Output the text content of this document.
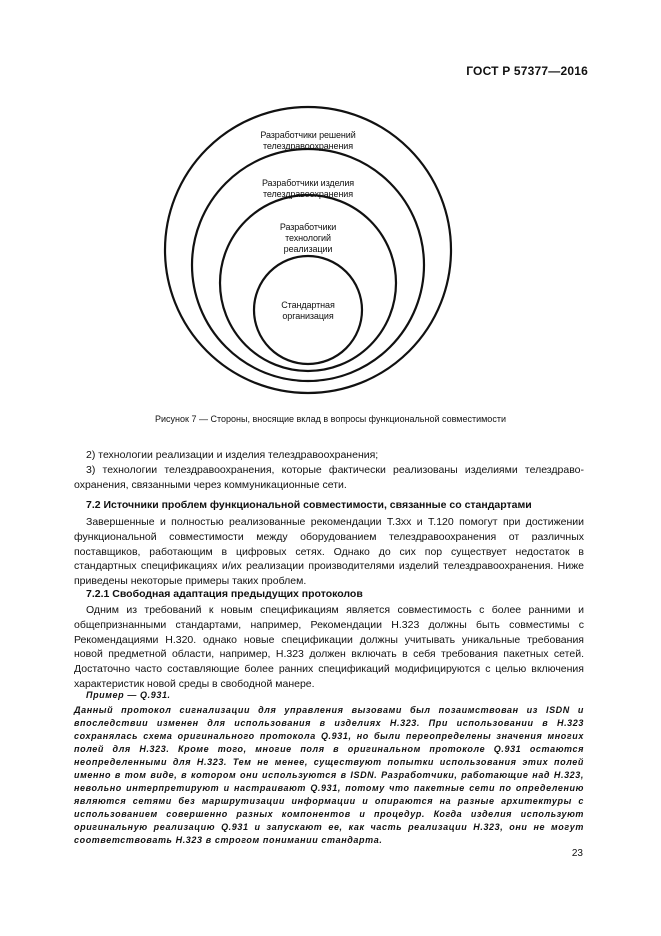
ГОСТ Р 57377—2016
Разработчики решений
телездравоохранения
Разработчики изделия
телездравоохранения
Разработчики
технологий
реализации
Стандартная
организация
Рисунок 7 — Стороны, вносящие вклад в вопросы функциональной совместимости
2) технологии реализации и изделия телездравоохранения;
3) технологии телездравоохранения, которые фактически реализованы изделиями телездраво-охранения, связанными через коммуникационные сети.
7.2 Источники проблем функциональной совместимости, связанные со стандартами
Завершенные и полностью реализованные рекомендации Т.3хх и Т.120 помогут при достижении функциональной совместимости между оборудованием телездравоохранения от различных поставщиков, работающим в цифровых сетях. Однако до сих пор существует недостаток в стандартных спецификациях и/их реализации производителями изделий телездравоохранения. Ниже приведены некоторые примеры таких проблем.
7.2.1 Свободная адаптация предыдущих протоколов
Одним из требований к новым спецификациям является совместимость с более ранними и общепризнанными стандартами, например, Рекомендации Н.323 должны быть совместимы с Рекомендациями Н.320. однако новые спецификации должны учитывать уникальные требования новой предметной области, например, Н.323 должен включать в себя требования пакетных сетей. Достаточно часто составляющие более ранних спецификаций модифицируются с целью включения характеристик новой среды в свободной манере.
Пример — Q.931.
Данный протокол сигнализации для управления вызовами был позаимствован из ISDN и впоследствии изменен для использования в изделиях Н.323. При использовании в Н.323 сохранялась схема оригинального протокола Q.931, но были переопределены значения многих полей для Н.323. Кроме того, многие поля в оригинальном протоколе Q.931 остаются неопределенными для Н.323. Тем не менее, существуют попытки использования этих полей именно в том виде, в котором они используются в ISDN. Разработчики, работающие над Н.323, невольно интерпретируют и настраивают Q.931, потому что пакетные сети по определению являются сетями без маршрутизации информации и опираются на разные архитектуры с использованием совершенно разных компонентов и процедур. Когда изделия используют оригинальную реализацию Q.931 и запускают ее, как часть реализации Н.323, они не могут соответствовать Н.323 в строгом понимании стандарта.
23
